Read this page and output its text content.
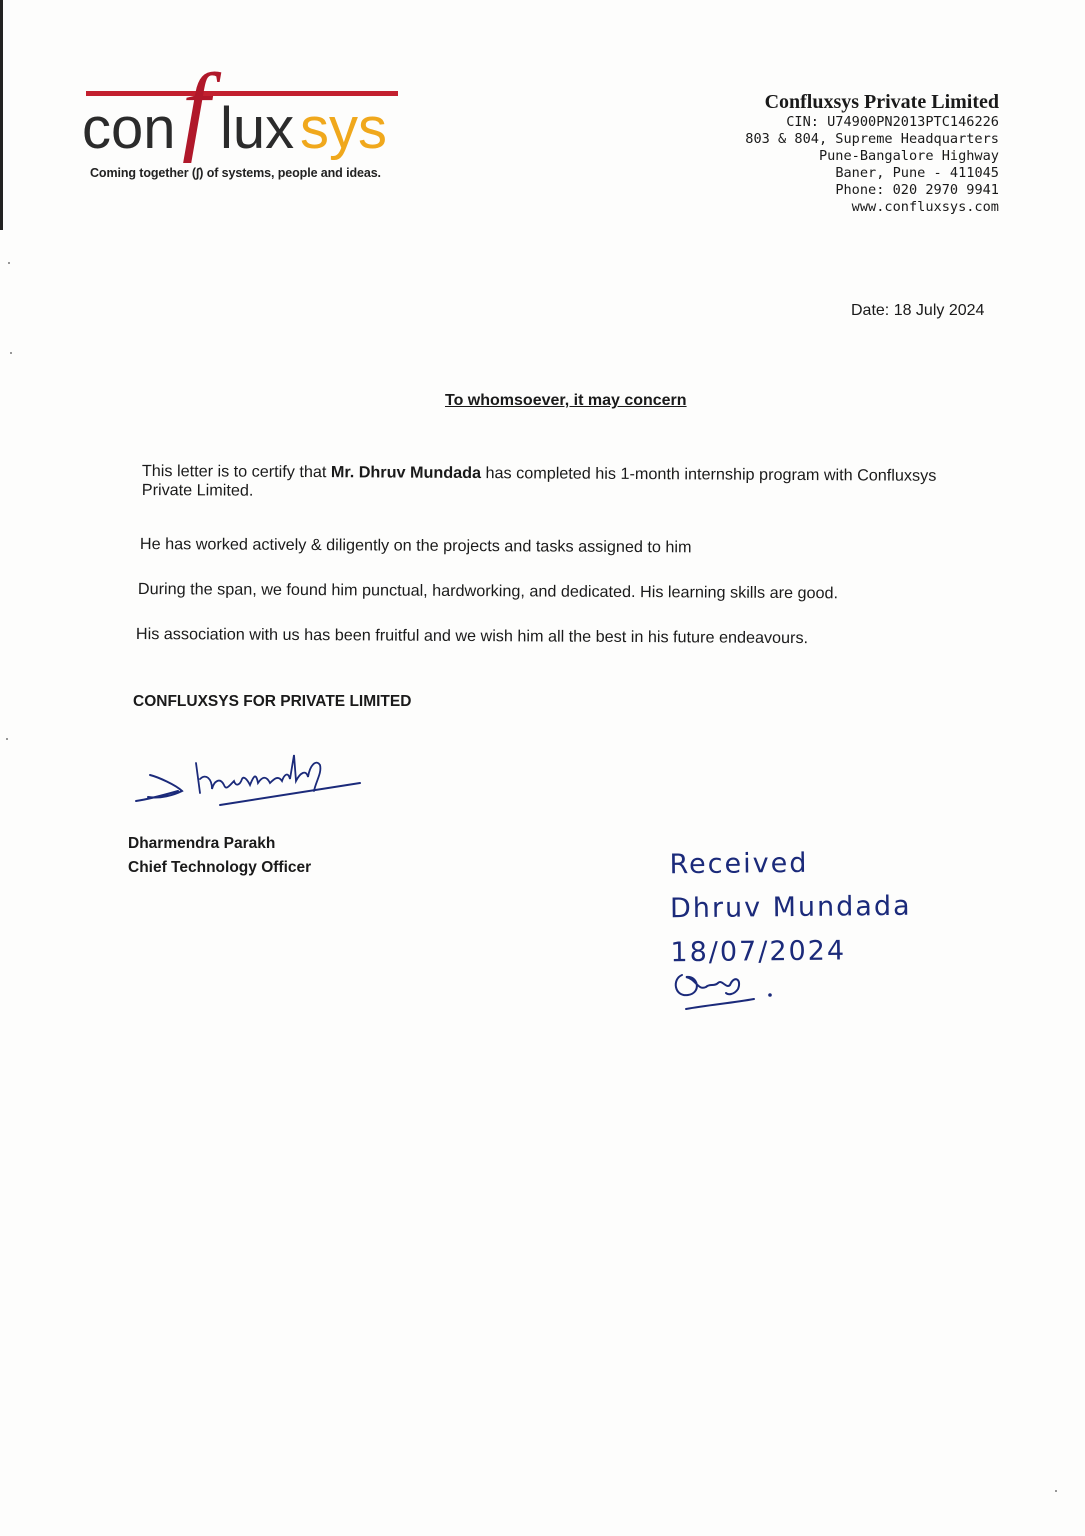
con f lux sys
Coming together (∫) of systems, people and ideas.
Confluxsys Private Limited
CIN: U74900PN2013PTC146226
803 & 804, Supreme Headquarters
Pune-Bangalore Highway
Baner, Pune - 411045
Phone: 020 2970 9941
www.confluxsys.com
Date: 18 July 2024
To whomsoever, it may concern
This letter is to certify that Mr. Dhruv Mundada has completed his 1-month internship program with Confluxsys Private Limited.
He has worked actively & diligently on the projects and tasks assigned to him
During the span, we found him punctual, hardworking, and dedicated. His learning skills are good.
His association with us has been fruitful and we wish him all the best in his future endeavours.
CONFLUXSYS FOR PRIVATE LIMITED
Dharmendra Parakh
Chief Technology Officer	Received
Dhruv Mundada
18/07/2024
